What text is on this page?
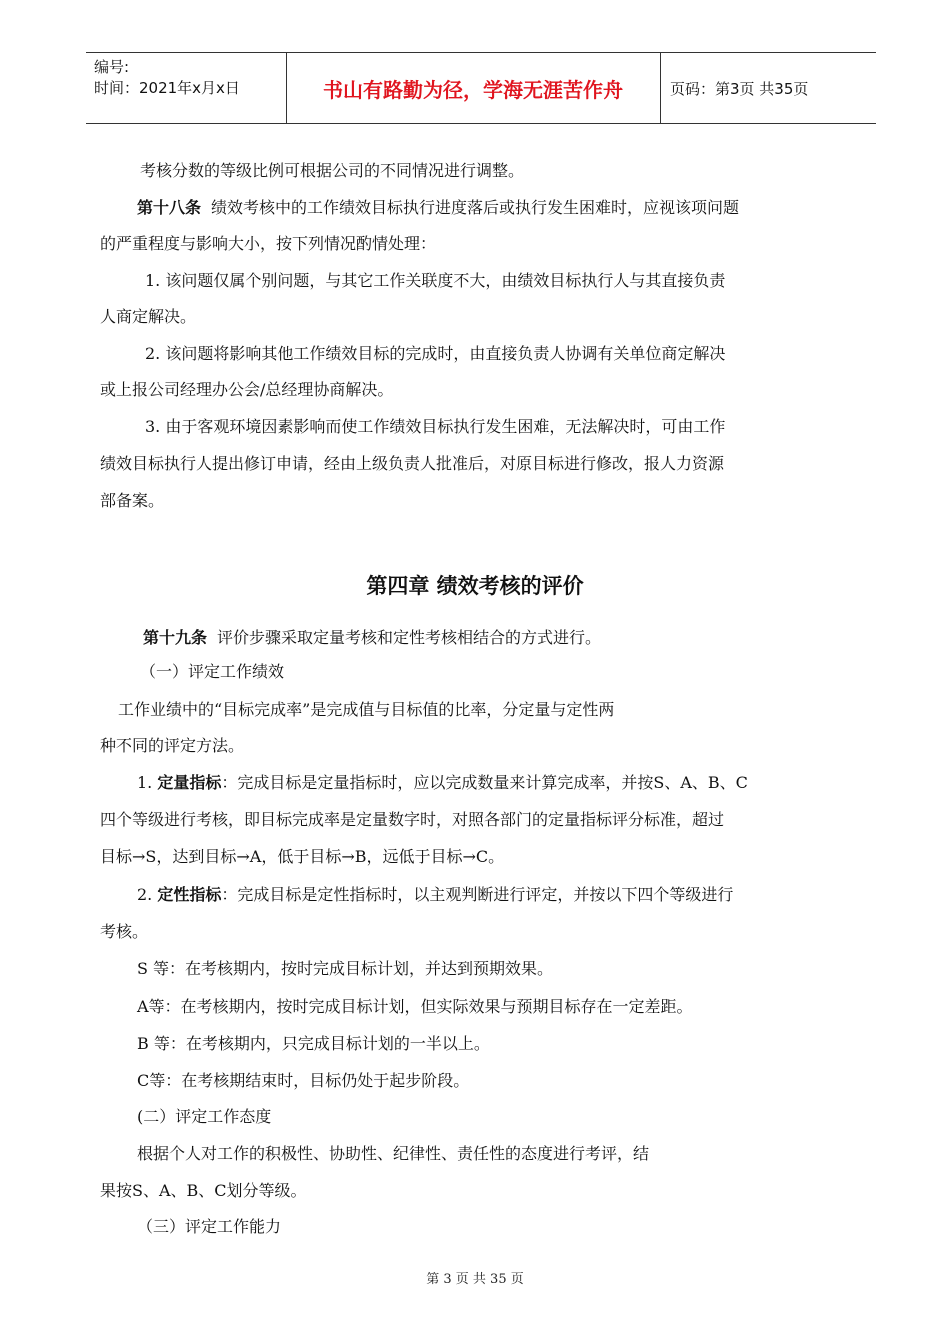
编号:
时间：2021年x月x日	书山有路勤为径，学海无涯苦作舟	页码：第3页 共35页
考核分数的等级比例可根据公司的不同情况进行调整。
第十八条 绩效考核中的工作绩效目标执行进度落后或执行发生困难时，应视该项问题
的严重程度与影响大小，按下列情况酌情处理：
1. 该问题仅属个别问题，与其它工作关联度不大，由绩效目标执行人与其直接负责
人商定解决。
2. 该问题将影响其他工作绩效目标的完成时，由直接负责人协调有关单位商定解决
或上报公司经理办公会/总经理协商解决。
3. 由于客观环境因素影响而使工作绩效目标执行发生困难，无法解决时，可由工作
绩效目标执行人提出修订申请，经由上级负责人批准后，对原目标进行修改，报人力资源
部备案。
第四章 绩效考核的评价
第十九条 评价步骤采取定量考核和定性考核相结合的方式进行。
（一）评定工作绩效
工作业绩中的“目标完成率”是完成值与目标值的比率，分定量与定性两
种不同的评定方法。
1. 定量指标：完成目标是定量指标时，应以完成数量来计算完成率，并按S、A、B、C
四个等级进行考核，即目标完成率是定量数字时，对照各部门的定量指标评分标准，超过
目标→S，达到目标→A，低于目标→B，远低于目标→C。
2. 定性指标：完成目标是定性指标时，以主观判断进行评定，并按以下四个等级进行
考核。
S 等：在考核期内，按时完成目标计划，并达到预期效果。
A等：在考核期内，按时完成目标计划，但实际效果与预期目标存在一定差距。
B 等：在考核期内，只完成目标计划的一半以上。
C等：在考核期结束时，目标仍处于起步阶段。
(二）评定工作态度
根据个人对工作的积极性、协助性、纪律性、责任性的态度进行考评，结
果按S、A、B、C划分等级。
（三）评定工作能力
第 3 页 共 35 页
